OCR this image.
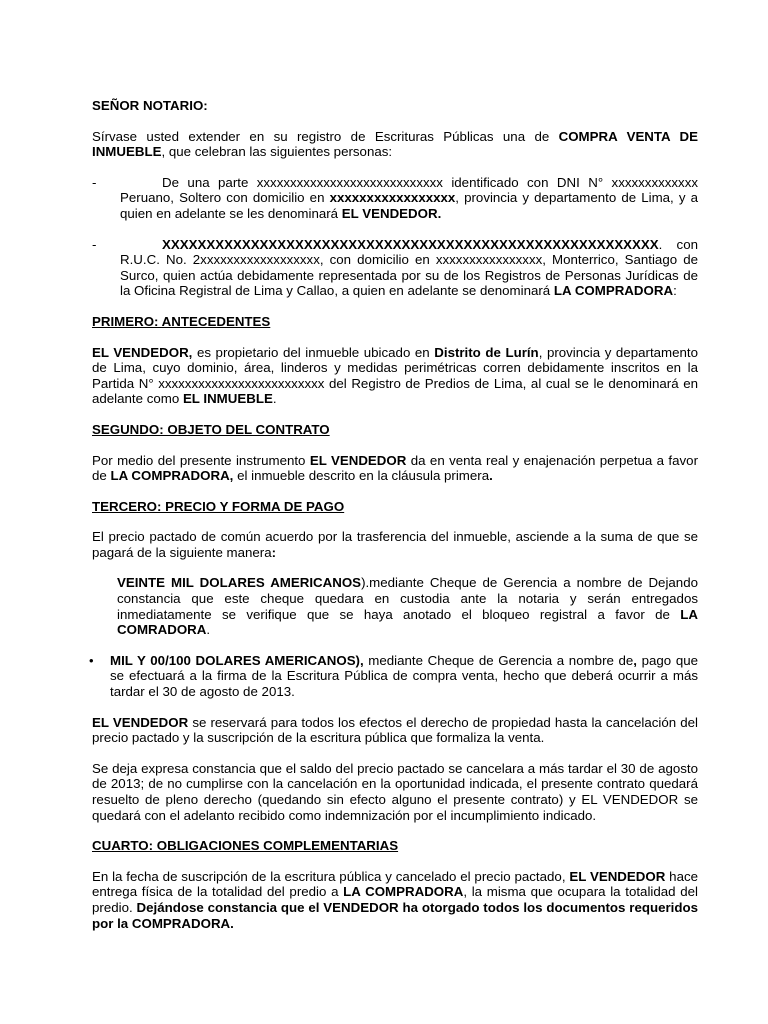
SEÑOR NOTARIO:

Sírvase usted extender en su registro de Escrituras Públicas una de COMPRA VENTA DE INMUEBLE, que celebran las siguientes personas:

-	De una parte xxxxxxxxxxxxxxxxxxxxxxxxxxxx identificado con DNI N° xxxxxxxxxxxxx Peruano, Soltero con domicilio en xxxxxxxxxxxxxxxxx, provincia y departamento de Lima, y a quien en adelante se les denominará EL VENDEDOR.
-	XXXXXXXXXXXXXXXXXXXXXXXXXXXXXXXXXXXXXXXXXXXXXXXXXXXXXXXX. con R.U.C. No. 2xxxxxxxxxxxxxxxxxx, con domicilio en xxxxxxxxxxxxxxxx, Monterrico, Santiago de Surco, quien actúa debidamente representada por su de los Registros de Personas Jurídicas de la Oficina Registral de Lima y Callao, a quien en adelante se denominará LA COMPRADORA:

PRIMERO: ANTECEDENTES

EL VENDEDOR, es propietario del inmueble ubicado en Distrito de Lurín, provincia y departamento de Lima, cuyo dominio, área, linderos y medidas perimétricas corren debidamente inscritos en la Partida N° xxxxxxxxxxxxxxxxxxxxxxxxx del Registro de Predios de Lima, al cual se le denominará en adelante como EL INMUEBLE.

SEGUNDO: OBJETO DEL CONTRATO

Por medio del presente instrumento EL VENDEDOR da en venta real y enajenación perpetua a favor de LA COMPRADORA, el inmueble descrito en la cláusula primera.

TERCERO: PRECIO Y FORMA DE PAGO

El precio pactado de común acuerdo por la trasferencia del inmueble, asciende a la suma de que se pagará de la siguiente manera:

VEINTE MIL DOLARES AMERICANOS).mediante Cheque de Gerencia a nombre de Dejando constancia que este cheque quedara en custodia ante la notaria y serán entregados inmediatamente se verifique que se haya anotado el bloqueo registral a favor de LA COMRADORA.

• MIL Y 00/100 DOLARES AMERICANOS), mediante Cheque de Gerencia a nombre de, pago que se efectuará a la firma de la Escritura Pública de compra venta, hecho que deberá ocurrir a más tardar el 30 de agosto de 2013.

EL VENDEDOR se reservará para todos los efectos el derecho de propiedad hasta la cancelación del precio pactado y la suscripción de la escritura pública que formaliza la venta.

Se deja expresa constancia que el saldo del precio pactado se cancelara a más tardar el 30 de agosto de 2013; de no cumplirse con la cancelación en la oportunidad indicada, el presente contrato quedará resuelto de pleno derecho (quedando sin efecto alguno el presente contrato) y EL VENDEDOR se quedará con el adelanto recibido como indemnización por el incumplimiento indicado.

CUARTO: OBLIGACIONES COMPLEMENTARIAS

En la fecha de suscripción de la escritura pública y cancelado el precio pactado, EL VENDEDOR hace entrega física de la totalidad del predio a LA COMPRADORA, la misma que ocupara la totalidad del predio. Dejándose constancia que el VENDEDOR ha otorgado todos los documentos requeridos por la COMPRADORA.
